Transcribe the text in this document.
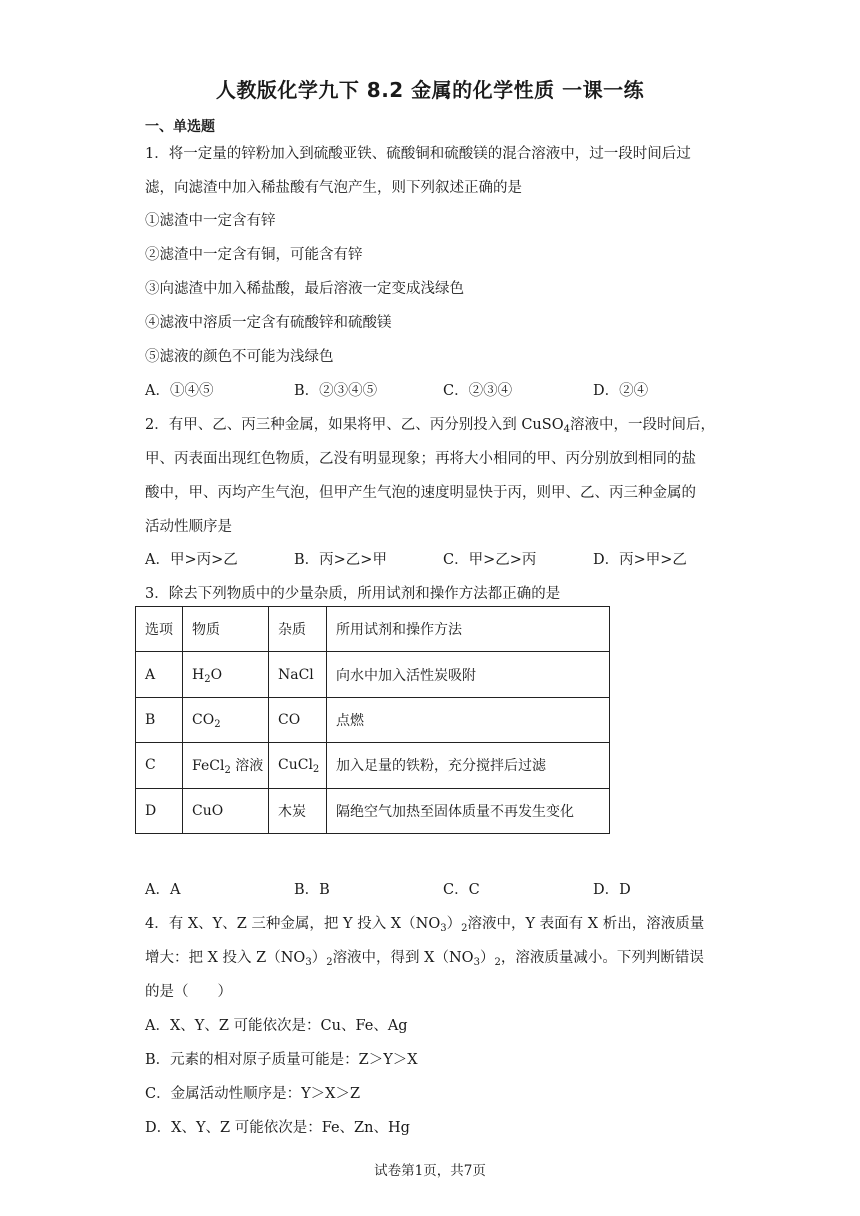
人教版化学九下 8.2 金属的化学性质 一课一练
一、单选题
1．将一定量的锌粉加入到硫酸亚铁、硫酸铜和硫酸镁的混合溶液中，过一段时间后过
滤，向滤渣中加入稀盐酸有气泡产生，则下列叙述正确的是
①滤渣中一定含有锌
②滤渣中一定含有铜，可能含有锌
③向滤渣中加入稀盐酸，最后溶液一定变成浅绿色
④滤液中溶质一定含有硫酸锌和硫酸镁
⑤滤液的颜色不可能为浅绿色
A．①④⑤	B．②③④⑤	C．②③④	D．②④
2．有甲、乙、丙三种金属，如果将甲、乙、丙分别投入到 CuSO$_4$溶液中，一段时间后，
甲、丙表面出现红色物质，乙没有明显现象；再将大小相同的甲、丙分别放到相同的盐
酸中，甲、丙均产生气泡，但甲产生气泡的速度明显快于丙，则甲、乙、丙三种金属的
活动性顺序是
A．甲>丙>乙	B．丙>乙>甲	C．甲>乙>丙	D．丙>甲>乙
3．除去下列物质中的少量杂质，所用试剂和操作方法都正确的是
选项	物质	杂质	所用试剂和操作方法
A	$H_2O$	NaCl	向水中加入活性炭吸附
B	$CO_2$	CO	点燃
C	FeCl$_2$ 溶液	CuCl$_2$	加入足量的铁粉，充分搅拌后过滤
D	CuO	木炭	隔绝空气加热至固体质量不再发生变化
A．A	B．B	C．C	D．D
4．有 X、Y、Z 三种金属，把 Y 投入 $X(NO_3)_2$溶液中，Y 表面有 X 析出，溶液质量
增大：把 X 投入 $Z(NO_3)_2$溶液中，得到 $X(NO_3)_2$，溶液质量减小。下列判断错误
的是（　　）
A．X、Y、Z 可能依次是：Cu、Fe、Ag
B．元素的相对原子质量可能是：Z＞Y＞X
C．金属活动性顺序是：Y＞X＞Z
D．X、Y、Z 可能依次是：Fe、Zn、Hg
试卷第1页，共7页
